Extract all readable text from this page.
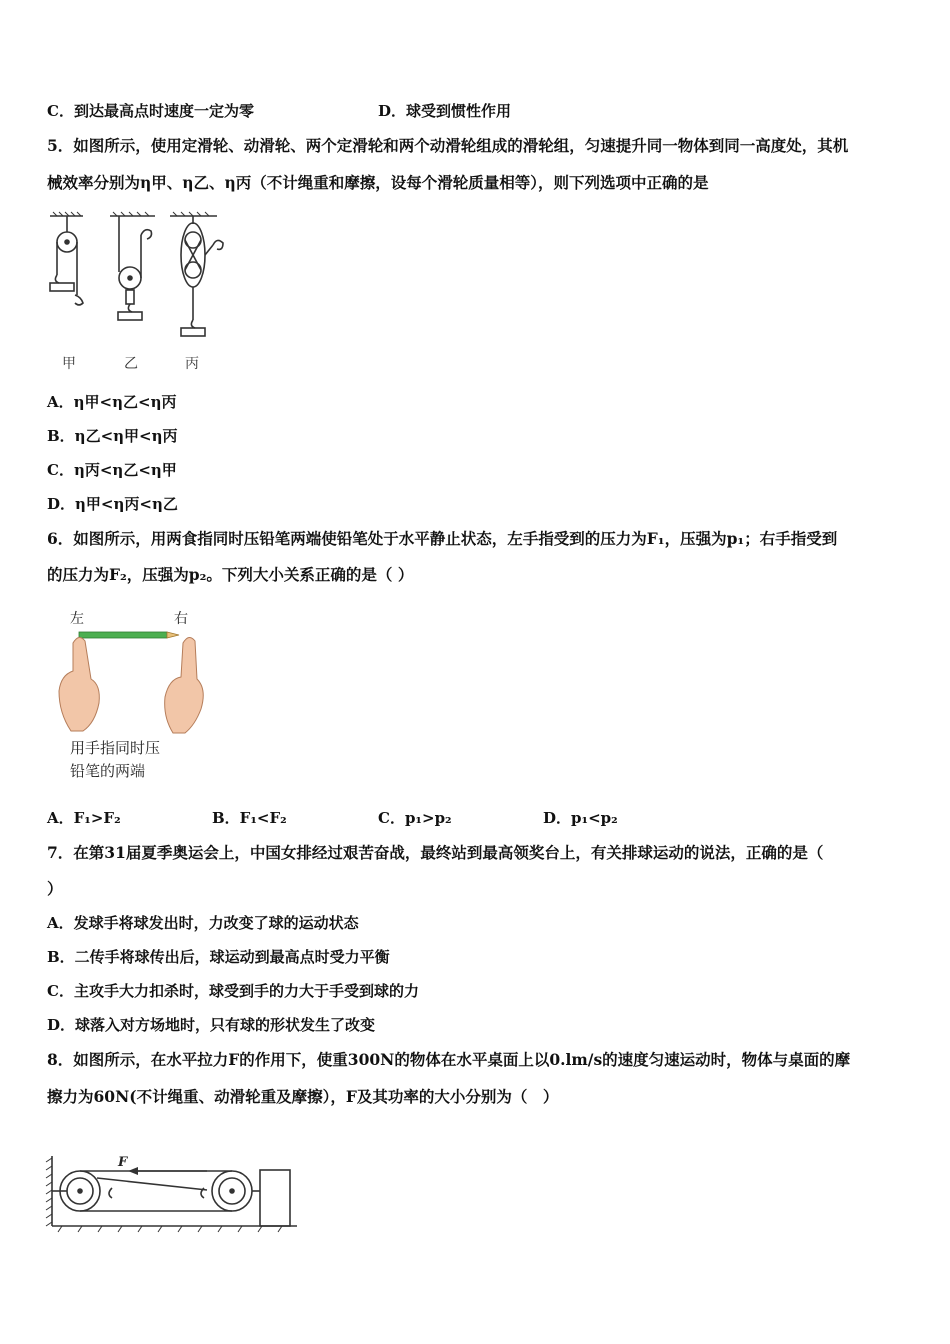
C．到达最高点时速度一定为零	D．球受到惯性作用
5．如图所示，使用定滑轮、动滑轮、两个定滑轮和两个动滑轮组成的滑轮组，匀速提升同一物体到同一高度处，其机
械效率分别为η甲、η乙、η丙（不计绳重和摩擦，设每个滑轮质量相等），则下列选项中正确的是
甲	乙	丙
A．η甲<η乙<η丙
B．η乙<η甲<η丙
C．η丙<η乙<η甲
D．η甲<η丙<η乙
6．如图所示，用两食指同时压铅笔两端使铅笔处于水平静止状态，左手指受到的压力为F₁，压强为p₁；右手指受到
的压力为F₂，压强为p₂。下列大小关系正确的是（ ）
左	右
用手指同时压
铅笔的两端
A．F₁>F₂	B．F₁<F₂	C．p₁>p₂	D．p₁<p₂
7．在第31届夏季奥运会上，中国女排经过艰苦奋战，最终站到最高领奖台上，有关排球运动的说法，正确的是（
）
A．发球手将球发出时，力改变了球的运动状态
B．二传手将球传出后，球运动到最高点时受力平衡
C．主攻手大力扣杀时，球受到手的力大于手受到球的力
D．球落入对方场地时，只有球的形状发生了改变
8．如图所示，在水平拉力F的作用下，使重300N的物体在水平桌面上以0.lm/s的速度匀速运动时，物体与桌面的摩
擦力为60N(不计绳重、动滑轮重及摩擦），F及其功率的大小分别为（　）
F
